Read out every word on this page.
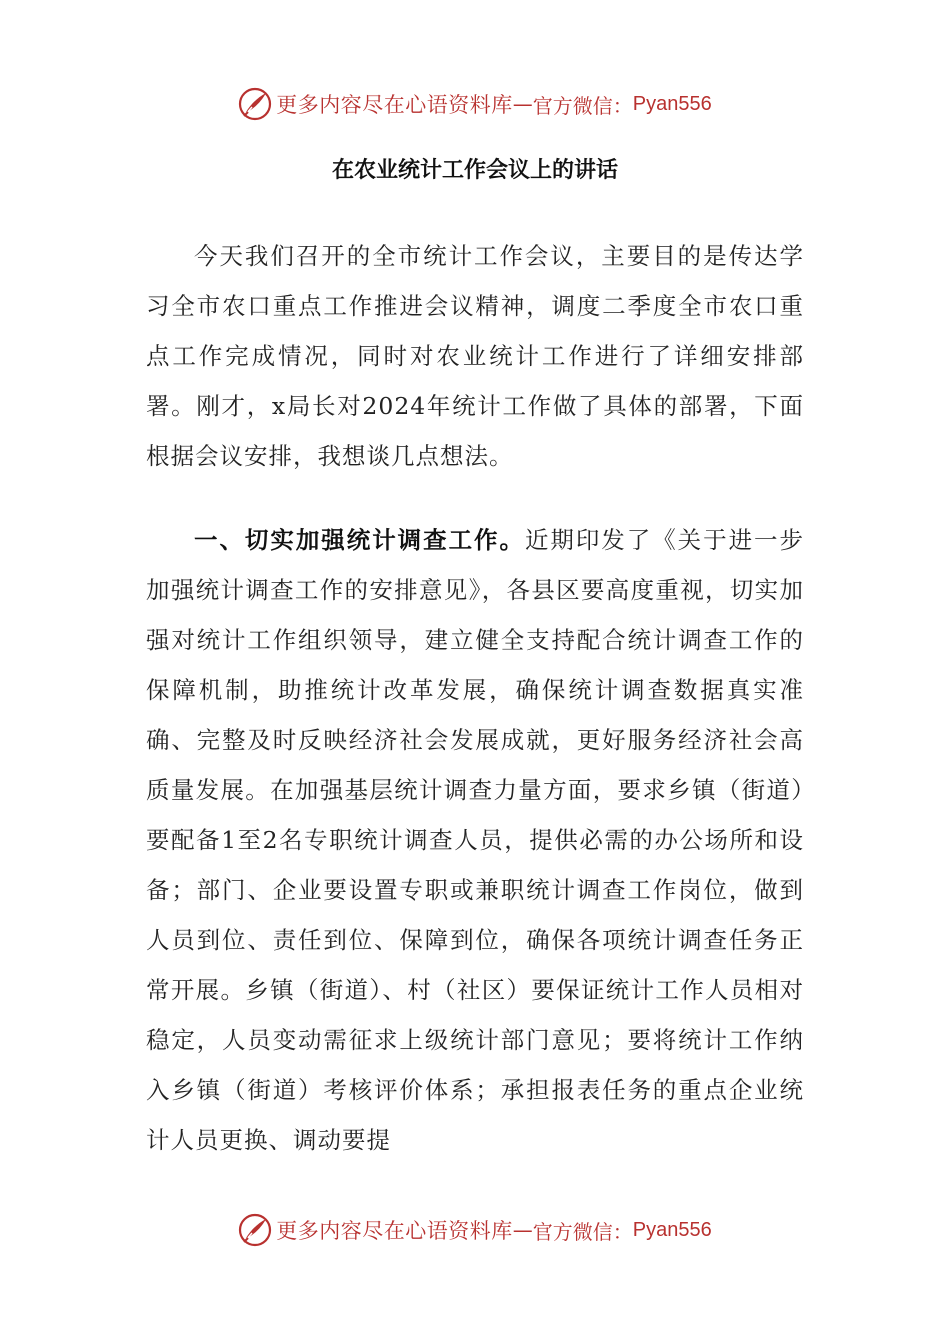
更多内容尽在心语资料库 — 官方微信： Pyan556
在农业统计工作会议上的讲话

今天我们召开的全市统计工作会议，主要目的是传达学习全市农口重点工作推进会议精神，调度二季度全市农口重点工作完成情况，同时对农业统计工作进行了详细安排部署。刚才，x局长对2024年统计工作做了具体的部署，下面根据会议安排，我想谈几点想法。

一、切实加强统计调查工作。近期印发了《关于进一步加强统计调查工作的安排意见》，各县区要高度重视，切实加强对统计工作组织领导，建立健全支持配合统计调查工作的保障机制，助推统计改革发展，确保统计调查数据真实准确、完整及时反映经济社会发展成就，更好服务经济社会高质量发展。在加强基层统计调查力量方面，要求乡镇（街道）要配备1至2名专职统计调查人员，提供必需的办公场所和设备；部门、企业要设置专职或兼职统计调查工作岗位，做到人员到位、责任到位、保障到位，确保各项统计调查任务正常开展。乡镇（街道）、村（社区）要保证统计工作人员相对稳定，人员变动需征求上级统计部门意见；要将统计工作纳入乡镇（街道）考核评价体系；承担报表任务的重点企业统计人员更换、调动要提

更多内容尽在心语资料库 — 官方微信： Pyan556
